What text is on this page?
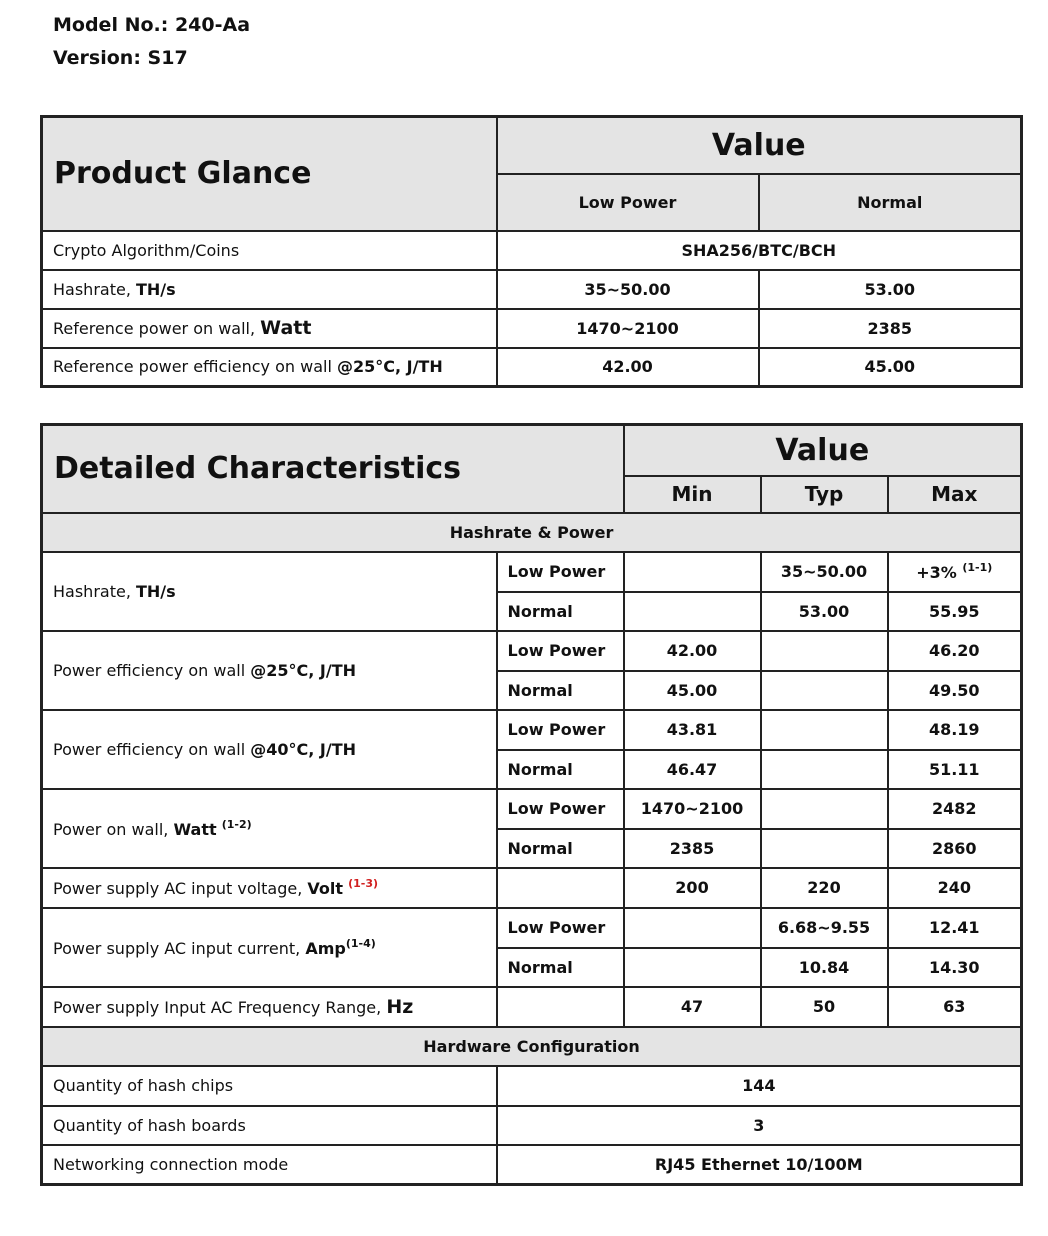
Model No.: 240-Aa
Version: S17
Product Glance	Value	
	Low Power	Normal
Crypto Algorithm/Coins	SHA256/BTC/BCH	
Hashrate, TH/s	35~50.00	53.00
Reference power on wall, Watt	1470~2100	2385
Reference power efficiency on wall @25°C, J/TH	42.00	45.00
Detailed Characteristics		Value		
		Min	Typ	Max
Hashrate & Power				
Hashrate, TH/s	Low Power		35~50.00	+3% $^{(1-1)}$
	Normal		53.00	55.95
Power efficiency on wall @25°C, J/TH	Low Power	42.00		46.20
	Normal	45.00		49.50
Power efficiency on wall @40°C, J/TH	Low Power	43.81		48.19
	Normal	46.47		51.11
Power on wall, Watt $^{(1-2)}$	Low Power	1470~2100		2482
	Normal	2385		2860
Power supply AC input voltage, Volt $^{(1-3)}$		200	220	240
Power supply AC input current, Amp$^{(1-4)}$	Low Power		6.68~9.55	12.41
	Normal		10.84	14.30
Power supply Input AC Frequency Range, Hz		47	50	63
Hardware Configuration				
Quantity of hash chips	144			
Quantity of hash boards	3			
Networking connection mode	RJ45 Ethernet 10/100M			
